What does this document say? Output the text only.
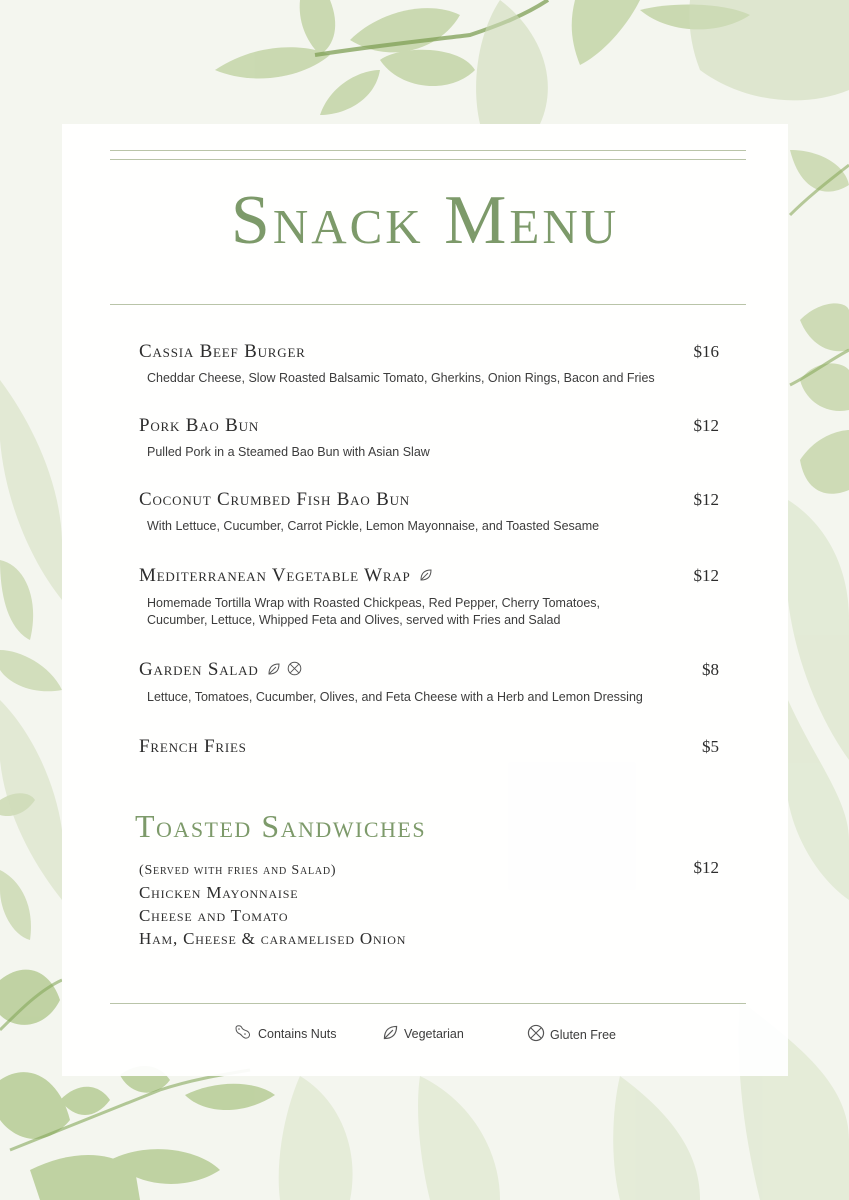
Snack Menu
Cassia Beef Burger	$16
Cheddar Cheese, Slow Roasted Balsamic Tomato, Gherkins, Onion Rings, Bacon and Fries
Pork Bao Bun	$12
Pulled Pork in a Steamed Bao Bun with Asian Slaw
Coconut Crumbed Fish Bao Bun	$12
With Lettuce, Cucumber, Carrot Pickle, Lemon Mayonnaise, and Toasted Sesame
Mediterranean Vegetable Wrap	$12
Homemade Tortilla Wrap with Roasted Chickpeas, Red Pepper, Cherry Tomatoes,
Cucumber, Lettuce, Whipped Feta and Olives, served with Fries and Salad
Garden Salad	$8
Lettuce, Tomatoes, Cucumber, Olives, and Feta Cheese with a Herb and Lemon Dressing
French Fries	$5
Toasted Sandwiches
(Served with fries and Salad)	$12
Chicken Mayonnaise
Cheese and Tomato
Ham, Cheese & caramelised Onion
Contains Nuts	Vegetarian	Gluten Free
